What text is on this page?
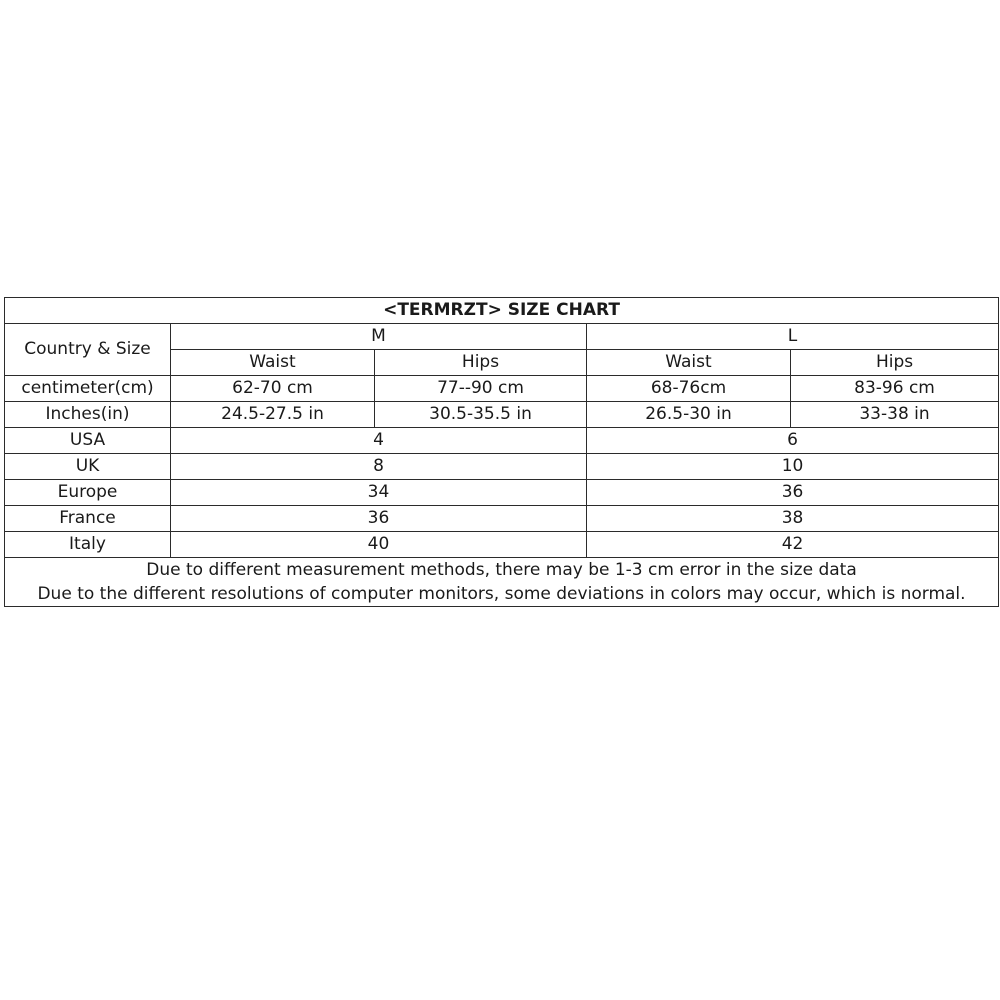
<TERMRZT> SIZE CHART				
Country & Size	M		L	
	Waist	Hips	Waist	Hips
centimeter(cm)	62-70 cm	77--90 cm	68-76cm	83-96 cm
Inches(in)	24.5-27.5 in	30.5-35.5 in	26.5-30 in	33-38 in
USA	4		6	
UK	8		10	
Europe	34		36	
France	36		38	
Italy	40		42	

Due to different measurement methods, there may be 1-3 cm error in the size data
Due to the different resolutions of computer monitors, some deviations in colors may occur, which is normal.				
